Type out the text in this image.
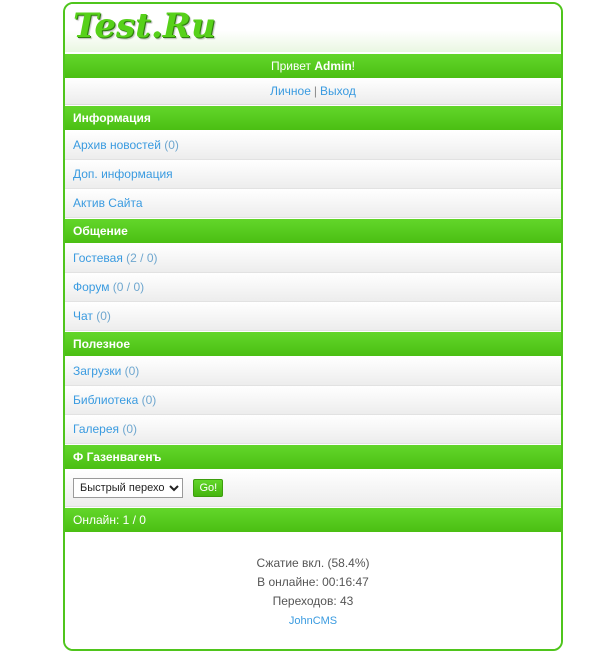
Test.Ru
Привет Admin!
Личное | Выход
Информация
Архив новостей (0)
Доп. информация
Актив Сайта
Общение
Гостевая (2 / 0)
Форум (0 / 0)
Чат (0)
Полезное
Загрузки (0)
Библиотека (0)
Галерея (0)
Ф Газенвагенъ
Быстрый переход Go!
Онлайн: 1 / 0
Сжатие вкл. (58.4%)
В онлайне: 00:16:47
Переходов: 43
JohnCMS
